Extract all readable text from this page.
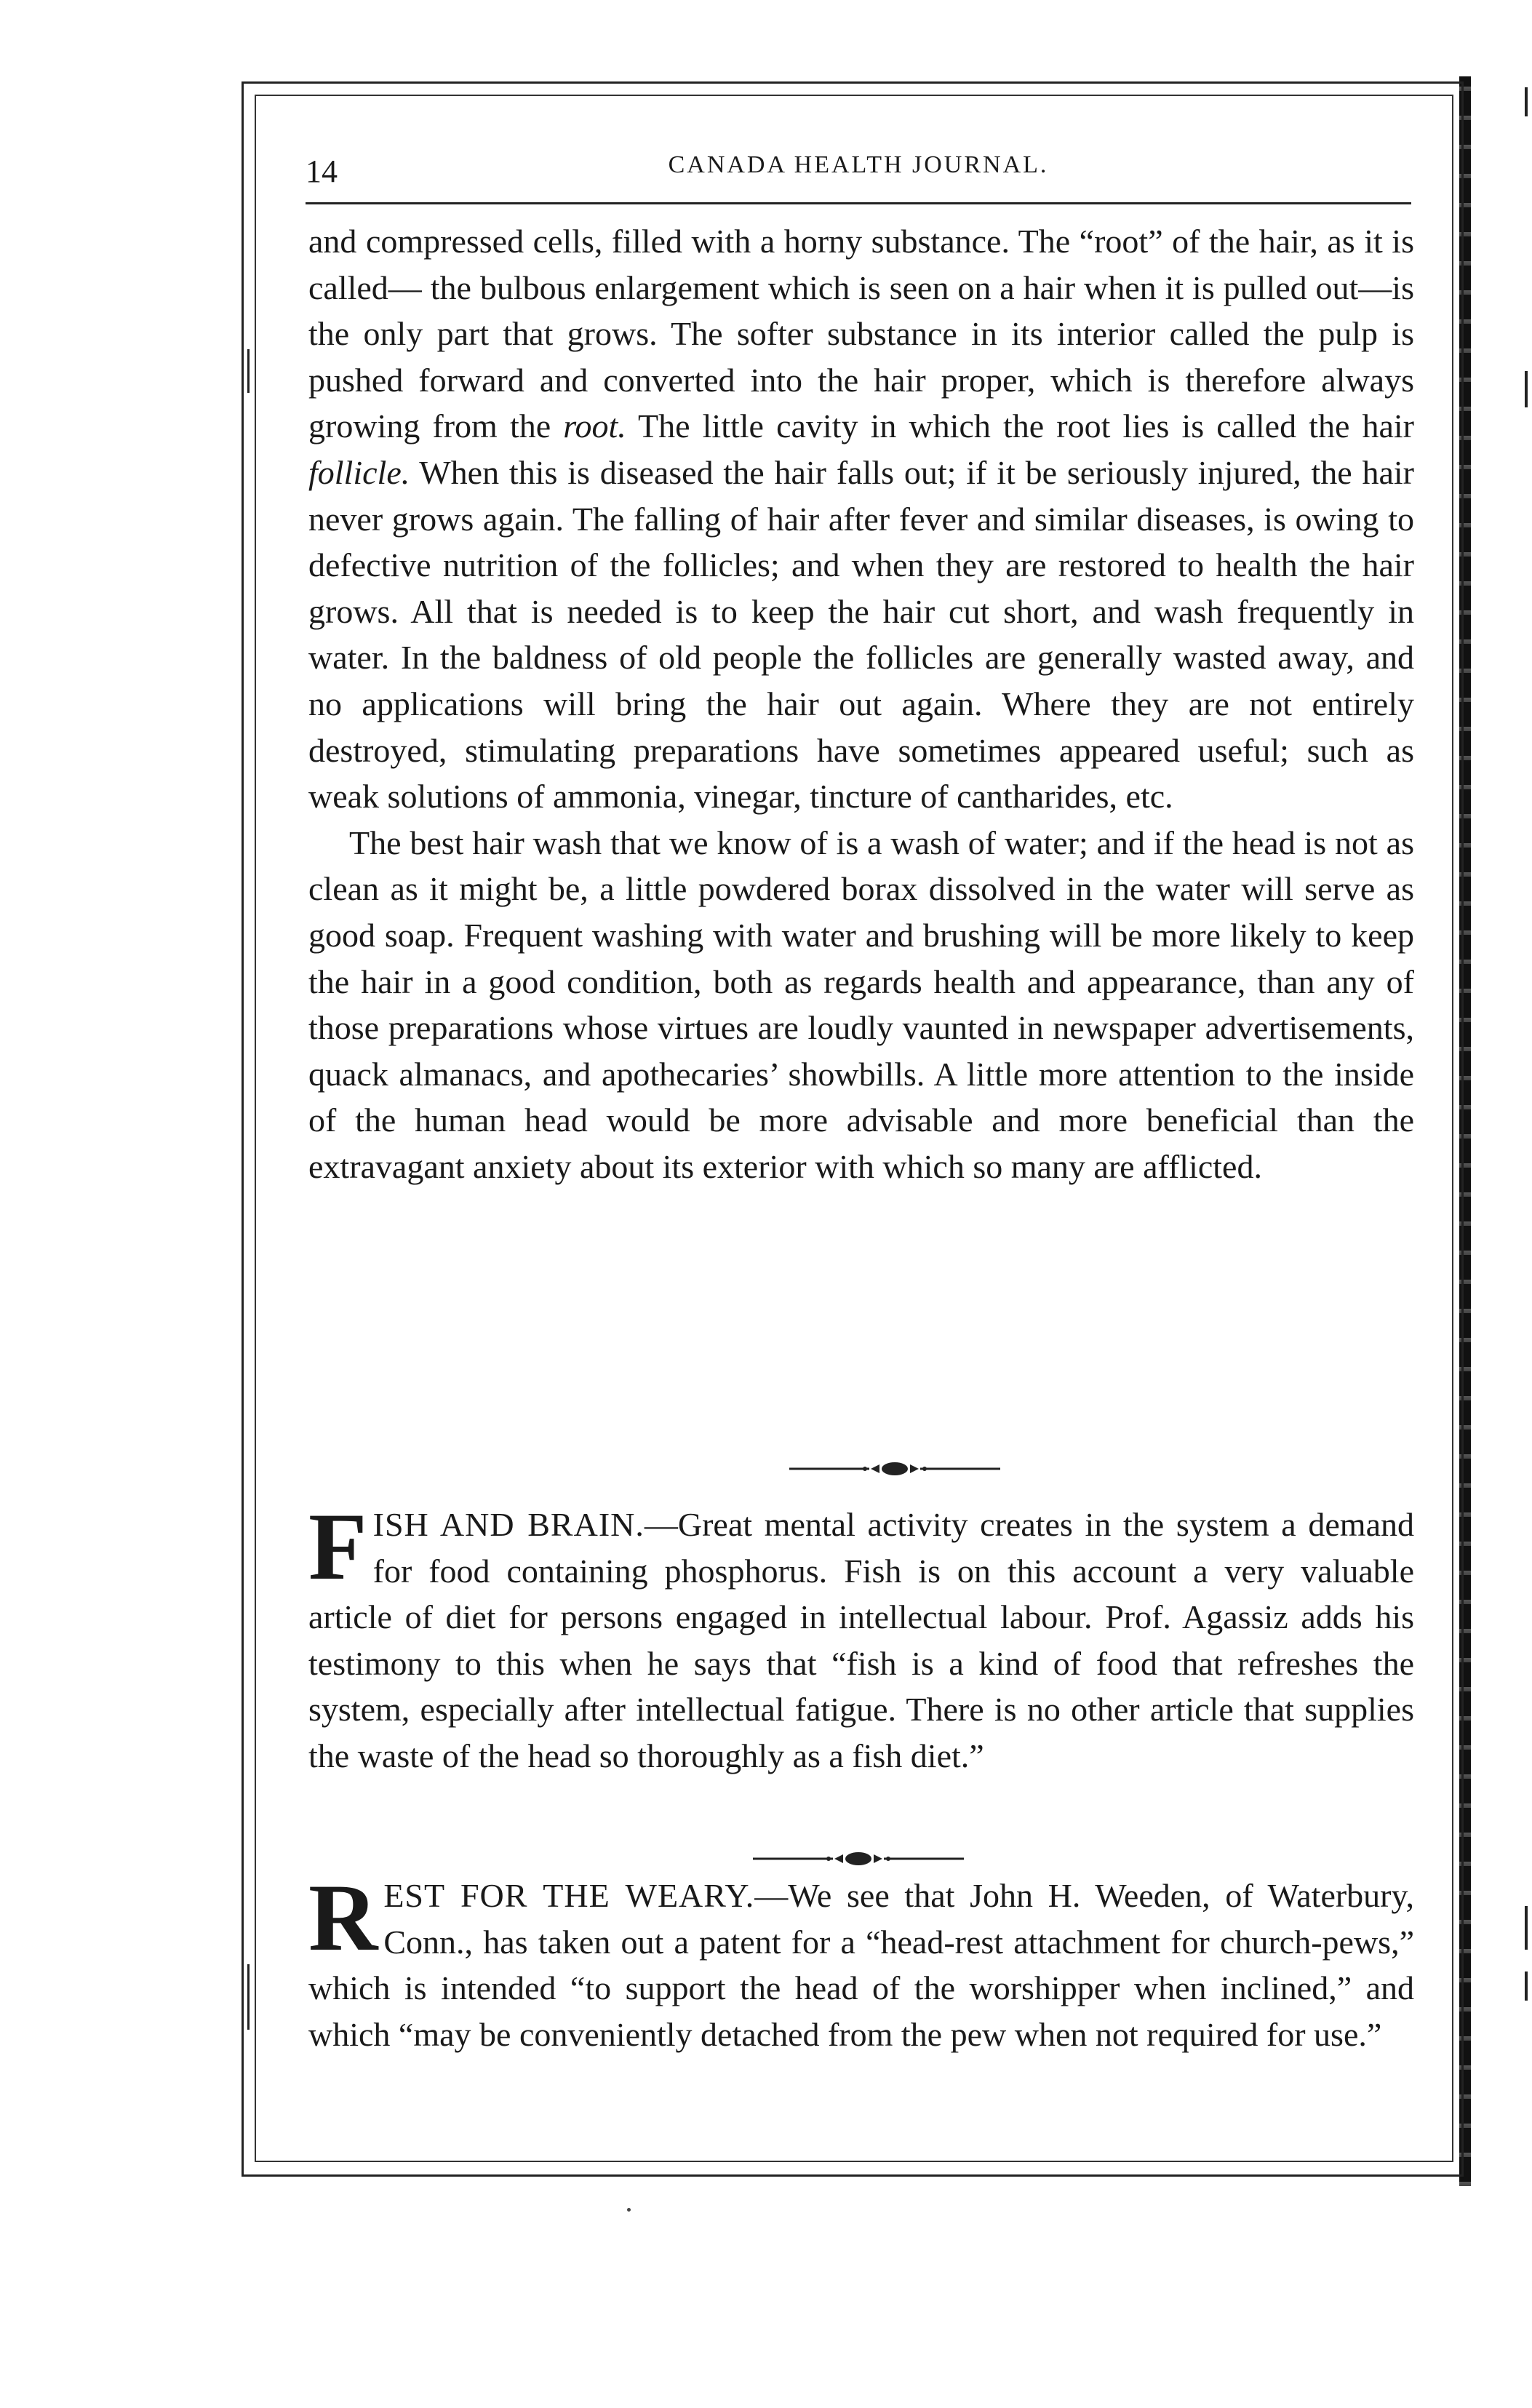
14	CANADA HEALTH JOURNAL.

and compressed cells, filled with a horny substance. The “root” of the hair, as it is called— the bulbous enlargement which is seen on a hair when it is pulled out—is the only part that grows. The softer substance in its interior called the pulp is pushed forward and converted into the hair proper, which is therefore always growing from the root. The little cavity in which the root lies is called the hair follicle. When this is diseased the hair falls out; if it be seriously injured, the hair never grows again. The falling of hair after fever and similar diseases, is owing to defective nutrition of the follicles; and when they are restored to health the hair grows. All that is needed is to keep the hair cut short, and wash frequently in water. In the baldness of old people the follicles are generally wasted away, and no applications will bring the hair out again. Where they are not entirely destroyed, stimulating preparations have sometimes appeared useful; such as weak solutions of ammonia, vinegar, tincture of cantharides, etc.

The best hair wash that we know of is a wash of water; and if the head is not as clean as it might be, a little powdered borax dissolved in the water will serve as good soap. Frequent washing with water and brushing will be more likely to keep the hair in a good condition, both as regards health and appearance, than any of those preparations whose virtues are loudly vaunted in newspaper advertisements, quack almanacs, and apothecaries’ showbills. A little more attention to the inside of the human head would be more advisable and more beneficial than the extravagant anxiety about its exterior with which so many are afflicted.

FISH AND BRAIN.—Great mental activity creates in the system a demand for food containing phosphorus. Fish is on this account a very valuable article of diet for persons engaged in intellectual labour. Prof. Agassiz adds his testimony to this when he says that “fish is a kind of food that refreshes the system, especially after intellectual fatigue. There is no other article that supplies the waste of the head so thoroughly as a fish diet.”

REST FOR THE WEARY.—We see that John H. Weeden, of Waterbury, Conn., has taken out a patent for a “head-rest attachment for church-pews,” which is intended “to support the head of the worshipper when inclined,” and which “may be conveniently detached from the pew when not required for use.”
